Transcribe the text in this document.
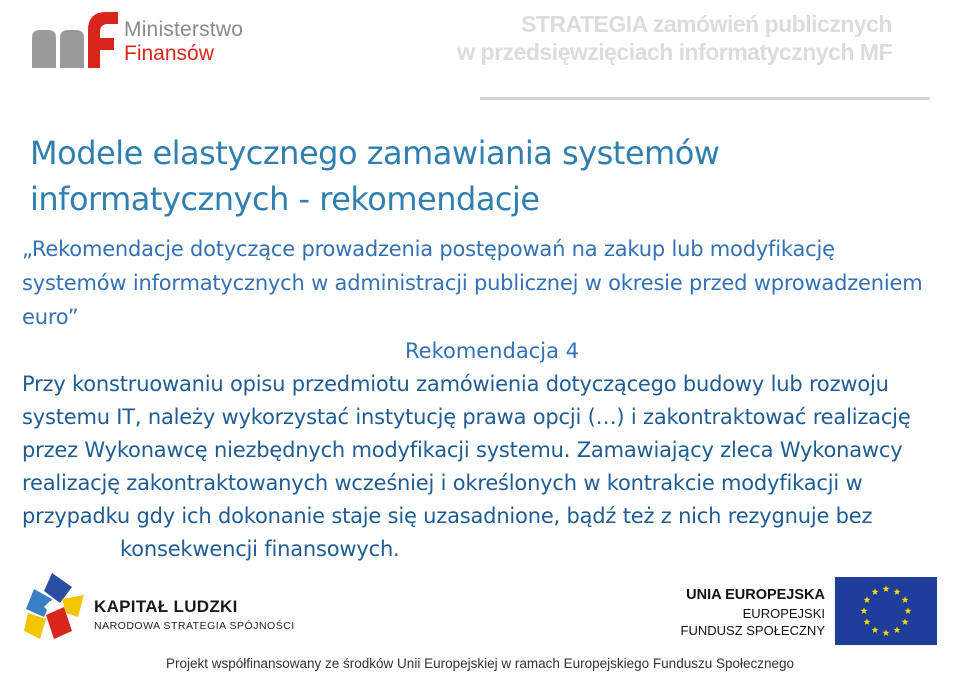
Ministerstwo
Finansów
STRATEGIA zamówień publicznych
w przedsięwzięciach informatycznych MF
Modele elastycznego zamawiania systemów informatycznych - rekomendacje
„Rekomendacje dotyczące prowadzenia postępowań na zakup lub modyfikację systemów informatycznych w administracji publicznej w okresie przed wprowadzeniem euro”
Rekomendacja 4
Przy konstruowaniu opisu przedmiotu zamówienia dotyczącego budowy lub rozwoju systemu IT, należy wykorzystać instytucję prawa opcji (…) i zakontraktować realizację przez Wykonawcę niezbędnych modyfikacji systemu. Zamawiający zleca Wykonawcy realizację zakontraktowanych wcześniej i określonych w kontrakcie modyfikacji w przypadku gdy ich dokonanie staje się uzasadnione, bądź też z nich rezygnuje bez
konsekwencji finansowych.
KAPITAŁ LUDZKI
NARODOWA STRATEGIA SPÓJNOŚCI
UNIA EUROPEJSKA
EUROPEJSKI
FUNDUSZ SPOŁECZNY
Projekt współfinansowany ze środków Unii Europejskiej w ramach Europejskiego Funduszu Społecznego
